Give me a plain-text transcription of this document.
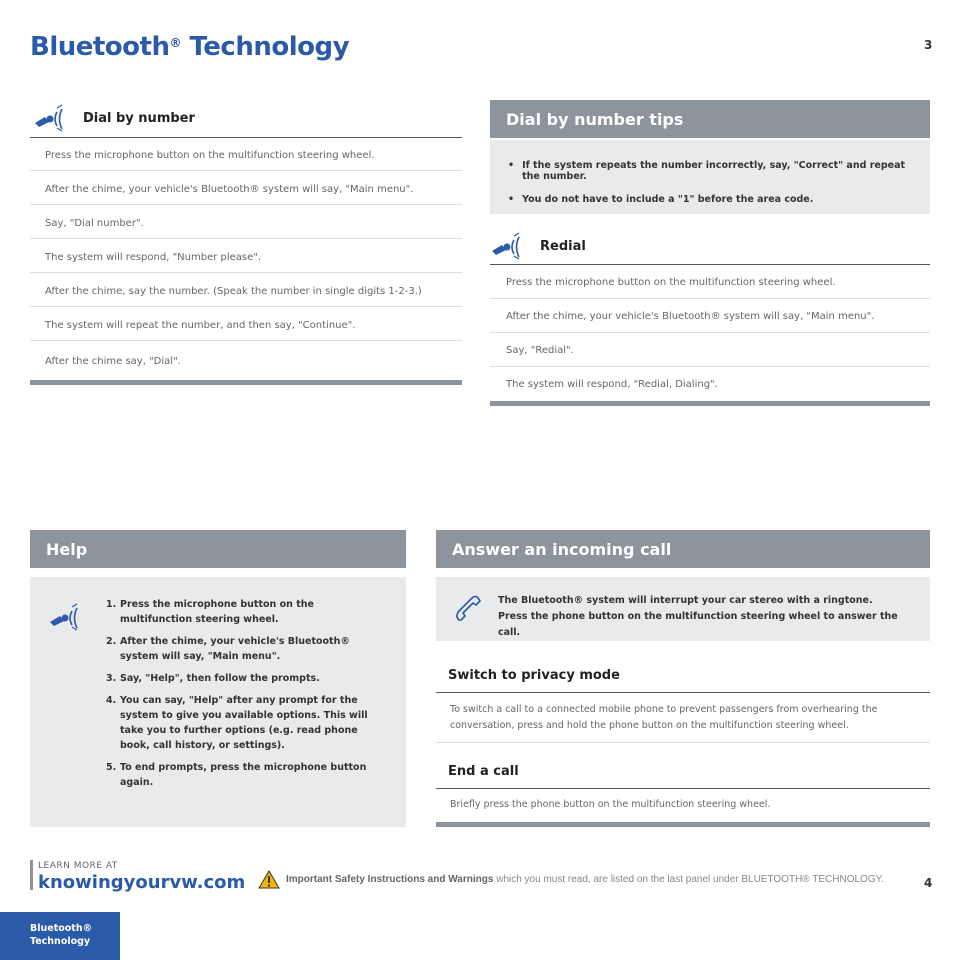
Bluetooth® Technology	3
Dial by number
Press the microphone button on the multifunction steering wheel.
After the chime, your vehicle's Bluetooth® system will say, "Main menu".
Say, "Dial number".
The system will respond, "Number please".
After the chime, say the number. (Speak the number in single digits 1-2-3.)
The system will repeat the number, and then say, "Continue".
After the chime say, "Dial".
Dial by number tips
• If the system repeats the number incorrectly, say, "Correct" and repeat the number.
• You do not have to include a "1" before the area code.
Redial
Press the microphone button on the multifunction steering wheel.
After the chime, your vehicle's Bluetooth® system will say, "Main menu".
Say, "Redial".
The system will respond, "Redial, Dialing".
Help
1. Press the microphone button on the multifunction steering wheel.
2. After the chime, your vehicle's Bluetooth® system will say, "Main menu".
3. Say, "Help", then follow the prompts.
4. You can say, "Help" after any prompt for the system to give you available options. This will take you to further options (e.g. read phone book, call history, or settings).
5. To end prompts, press the microphone button again.
Answer an incoming call
The Bluetooth® system will interrupt your car stereo with a ringtone. Press the phone button on the multifunction steering wheel to answer the call.
Switch to privacy mode
To switch a call to a connected mobile phone to prevent passengers from overhearing the conversation, press and hold the phone button on the multifunction steering wheel.
End a call
Briefly press the phone button on the multifunction steering wheel.
LEARN MORE AT
knowingyourvw.com	Important Safety Instructions and Warnings which you must read, are listed on the last panel under BLUETOOTH® TECHNOLOGY.	4
Bluetooth®
Technology
